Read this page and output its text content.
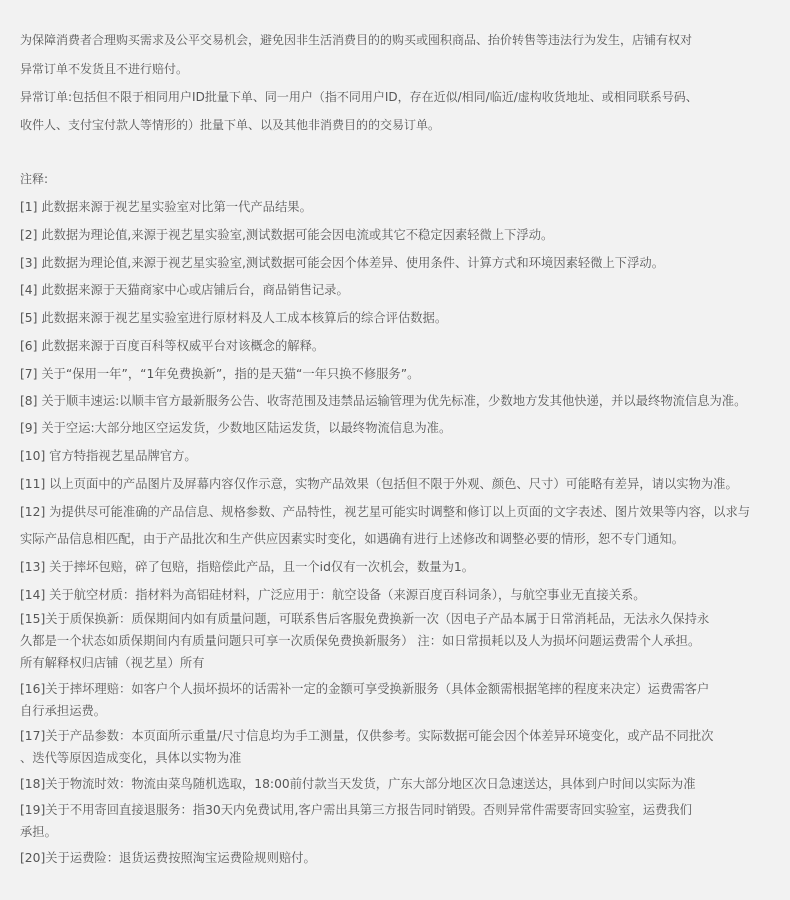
为保障消费者合理购买需求及公平交易机会，避免因非生活消费目的的购买或囤积商品、抬价转售等违法行为发生，店铺有权对
异常订单不发货且不进行赔付。
异常订单:包括但不限于相同用户ID批量下单、同一用户（指不同用户ID，存在近似/相同/临近/虚构收货地址、或相同联系号码、
收件人、支付宝付款人等情形的）批量下单、以及其他非消费目的的交易订单。
注释:
[1] 此数据来源于视艺星实验室对比第一代产品结果。
[2] 此数据为理论值,来源于视艺星实验室,测试数据可能会因电流或其它不稳定因素轻微上下浮动。
[3] 此数据为理论值,来源于视艺星实验室,测试数据可能会因个体差异、使用条件、计算方式和环境因素轻微上下浮动。
[4] 此数据来源于天猫商家中心或店铺后台，商品销售记录。
[5] 此数据来源于视艺星实验室进行原材料及人工成本核算后的综合评估数据。
[6] 此数据来源于百度百科等权威平台对该概念的解释。
[7] 关于“保用一年”，“1年免费换新”，指的是天猫“一年只换不修服务”。
[8] 关于顺丰速运:以顺丰官方最新服务公告、收寄范围及违禁品运输管理为优先标准，少数地方发其他快递，并以最终物流信息为准。
[9] 关于空运:大部分地区空运发货，少数地区陆运发货，以最终物流信息为准。
[10] 官方特指视艺星品牌官方。
[11] 以上页面中的产品图片及屏幕内容仅作示意，实物产品效果（包括但不限于外观、颜色、尺寸）可能略有差异，请以实物为准。
[12] 为提供尽可能准确的产品信息、规格参数、产品特性，视艺星可能实时调整和修订以上页面的文字表述、图片效果等内容，以求与
实际产品信息相匹配，由于产品批次和生产供应因素实时变化，如遇确有进行上述修改和调整必要的情形，恕不专门通知。
[13] 关于摔坏包赔，碎了包赔，指赔偿此产品，且一个id仅有一次机会，数量为1。
[14] 关于航空材质：指材料为高铝硅材料，广泛应用于：航空设备（来源百度百科词条），与航空事业无直接关系。
[15]关于质保换新：质保期间内如有质量问题，可联系售后客服免费换新一次（因电子产品本属于日常消耗品，无法永久保持永
久都是一个状态如质保期间内有质量问题只可享一次质保免费换新服务） 注：如日常损耗以及人为损坏问题运费需个人承担。
所有解释权归店铺（视艺星）所有
[16]关于摔坏理赔：如客户个人损坏损坏的话需补一定的金额可享受换新服务（具体金额需根据笔摔的程度来决定）运费需客户
自行承担运费。
[17]关于产品参数：本页面所示重量/尺寸信息均为手工测量，仅供参考。实际数据可能会因个体差异环境变化，或产品不同批次
、迭代等原因造成变化，具体以实物为准
[18]关于物流时效：物流由菜鸟随机选取，18:00前付款当天发货，广东大部分地区次日急速送达，具体到户时间以实际为准
[19]关于不用寄回直接退服务：指30天内免费试用,客户需出具第三方报告同时销毁。否则异常件需要寄回实验室，运费我们
承担。
[20]关于运费险：退货运费按照淘宝运费险规则赔付。
